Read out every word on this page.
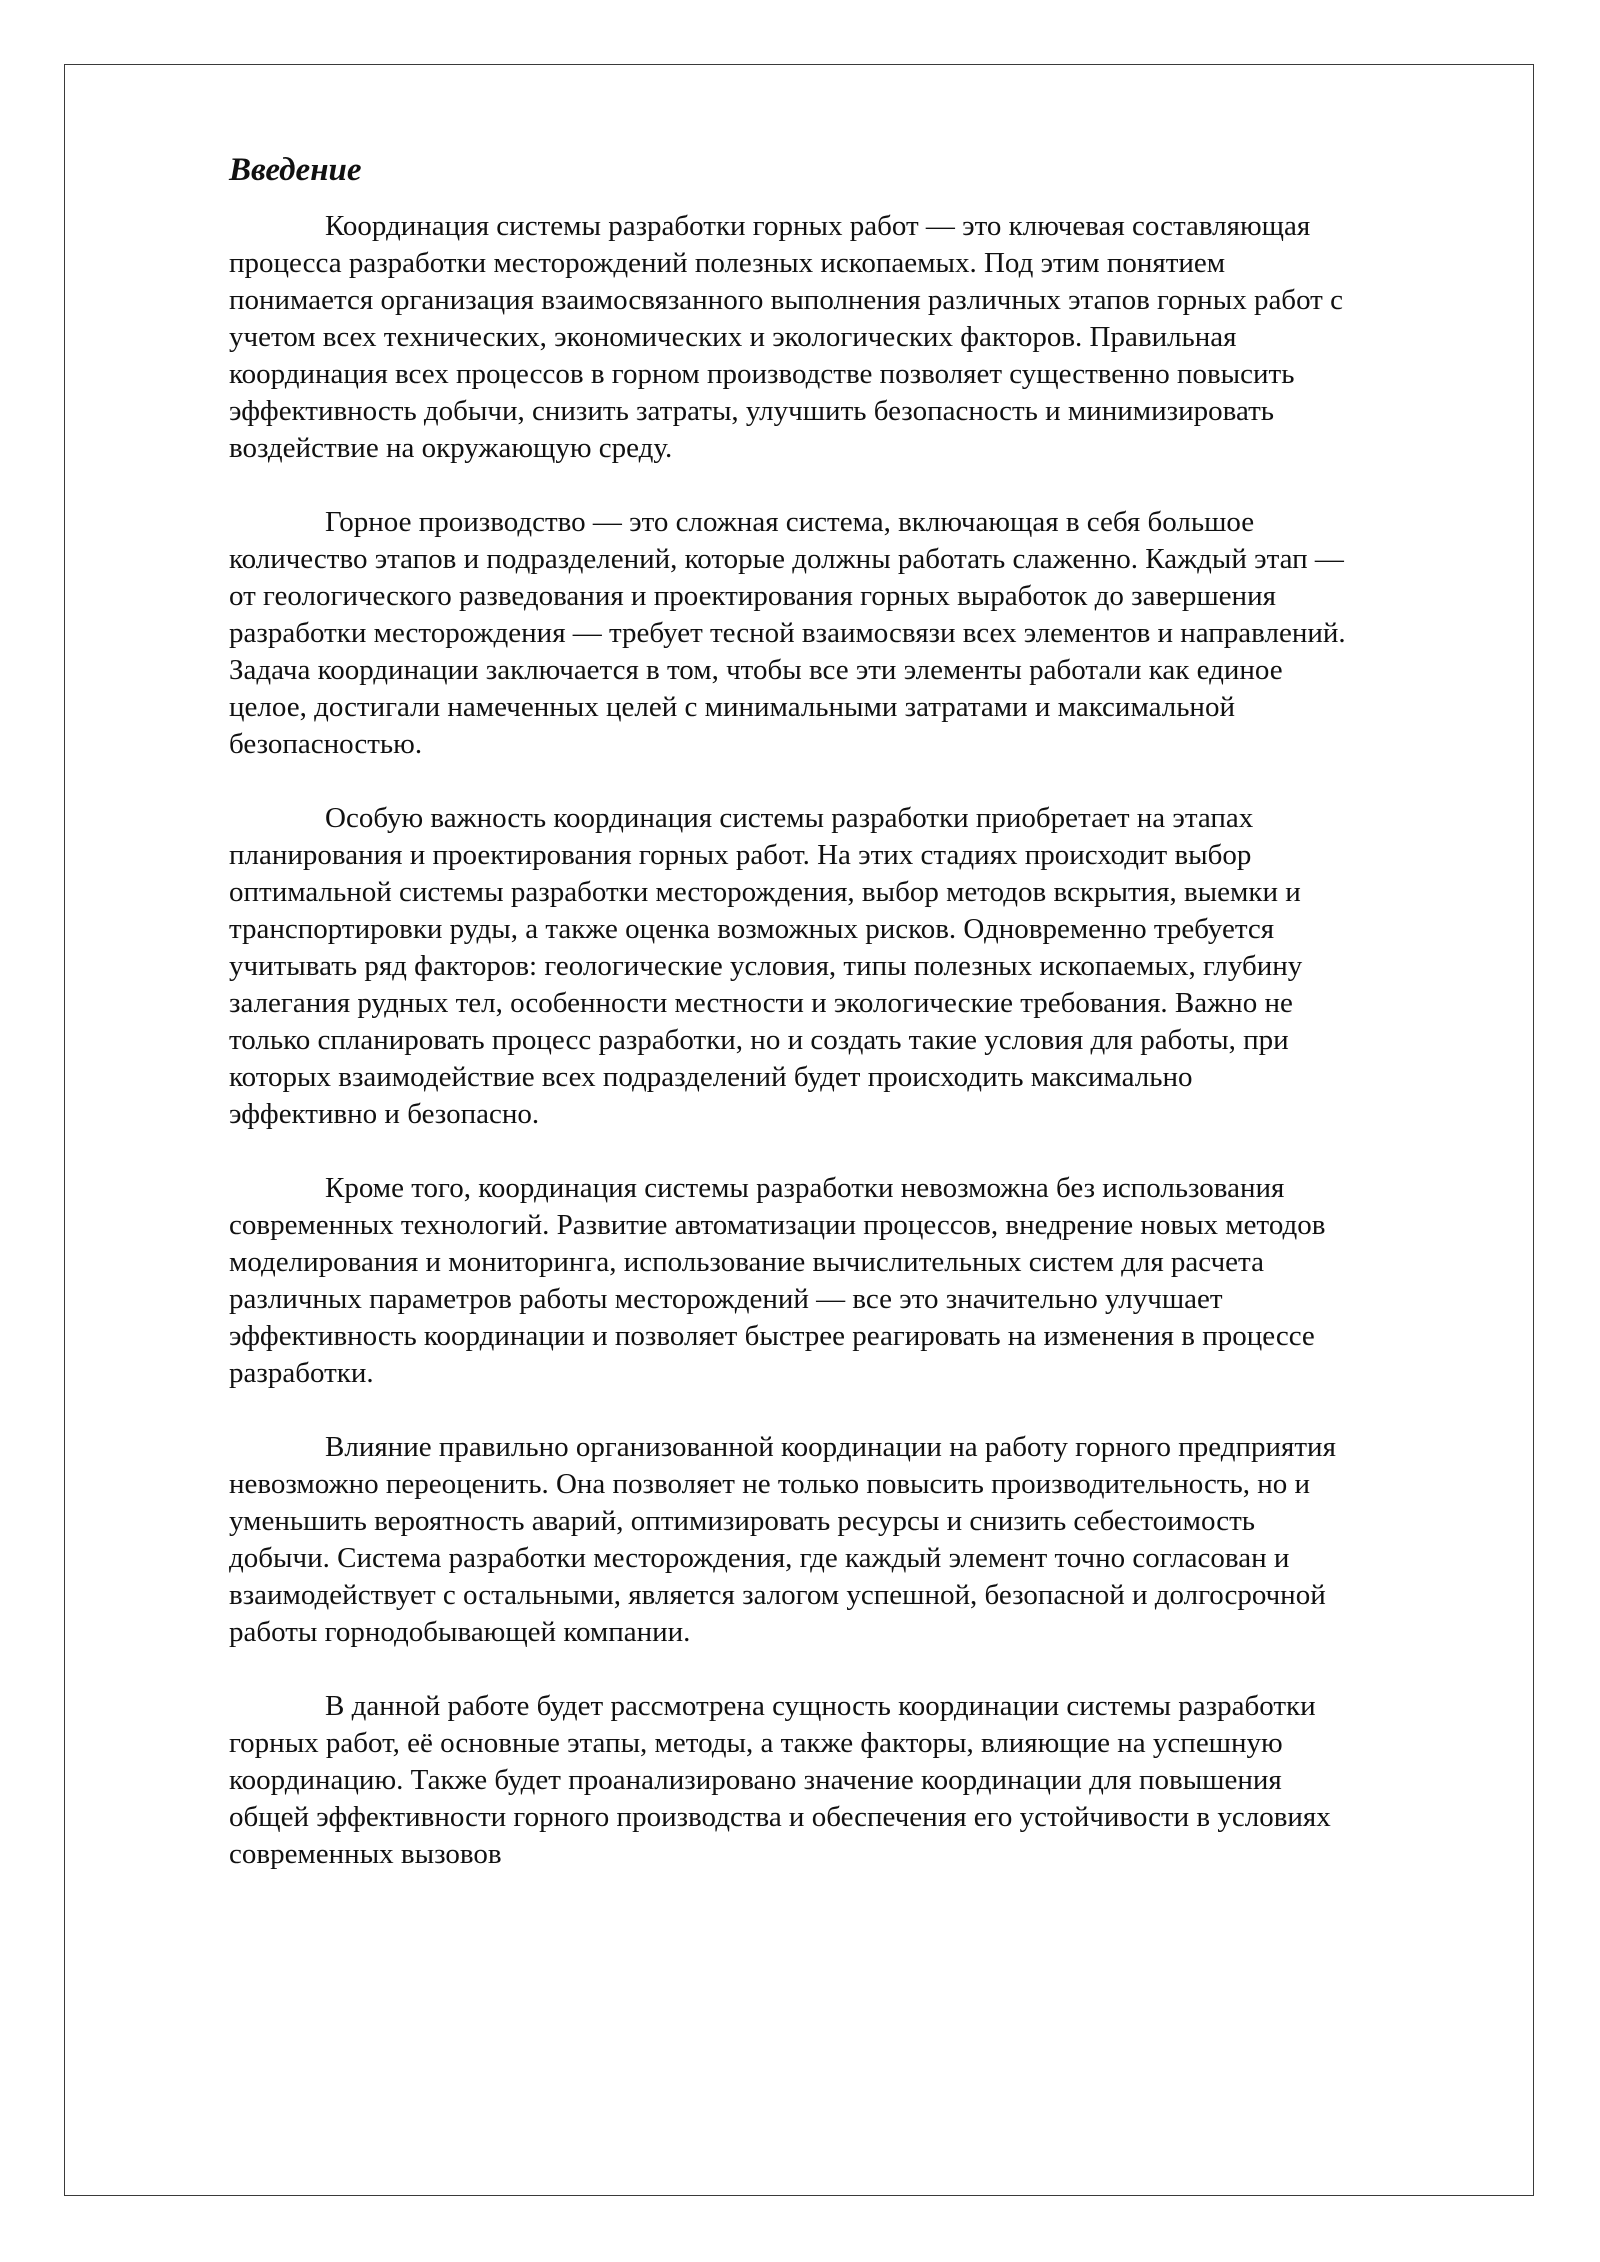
Введение
Координация системы разработки горных работ — это ключевая составляющая
процесса разработки месторождений полезных ископаемых. Под этим понятием
понимается организация взаимосвязанного выполнения различных этапов горных работ с
учетом всех технических, экономических и экологических факторов. Правильная
координация всех процессов в горном производстве позволяет существенно повысить
эффективность добычи, снизить затраты, улучшить безопасность и минимизировать
воздействие на окружающую среду.
Горное производство — это сложная система, включающая в себя большое
количество этапов и подразделений, которые должны работать слаженно. Каждый этап —
от геологического разведования и проектирования горных выработок до завершения
разработки месторождения — требует тесной взаимосвязи всех элементов и направлений.
Задача координации заключается в том, чтобы все эти элементы работали как единое
целое, достигали намеченных целей с минимальными затратами и максимальной
безопасностью.
Особую важность координация системы разработки приобретает на этапах
планирования и проектирования горных работ. На этих стадиях происходит выбор
оптимальной системы разработки месторождения, выбор методов вскрытия, выемки и
транспортировки руды, а также оценка возможных рисков. Одновременно требуется
учитывать ряд факторов: геологические условия, типы полезных ископаемых, глубину
залегания рудных тел, особенности местности и экологические требования. Важно не
только спланировать процесс разработки, но и создать такие условия для работы, при
которых взаимодействие всех подразделений будет происходить максимально
эффективно и безопасно.
Кроме того, координация системы разработки невозможна без использования
современных технологий. Развитие автоматизации процессов, внедрение новых методов
моделирования и мониторинга, использование вычислительных систем для расчета
различных параметров работы месторождений — все это значительно улучшает
эффективность координации и позволяет быстрее реагировать на изменения в процессе
разработки.
Влияние правильно организованной координации на работу горного предприятия
невозможно переоценить. Она позволяет не только повысить производительность, но и
уменьшить вероятность аварий, оптимизировать ресурсы и снизить себестоимость
добычи. Система разработки месторождения, где каждый элемент точно согласован и
взаимодействует с остальными, является залогом успешной, безопасной и долгосрочной
работы горнодобывающей компании.
В данной работе будет рассмотрена сущность координации системы разработки
горных работ, её основные этапы, методы, а также факторы, влияющие на успешную
координацию. Также будет проанализировано значение координации для повышения
общей эффективности горного производства и обеспечения его устойчивости в условиях
современных вызовов
